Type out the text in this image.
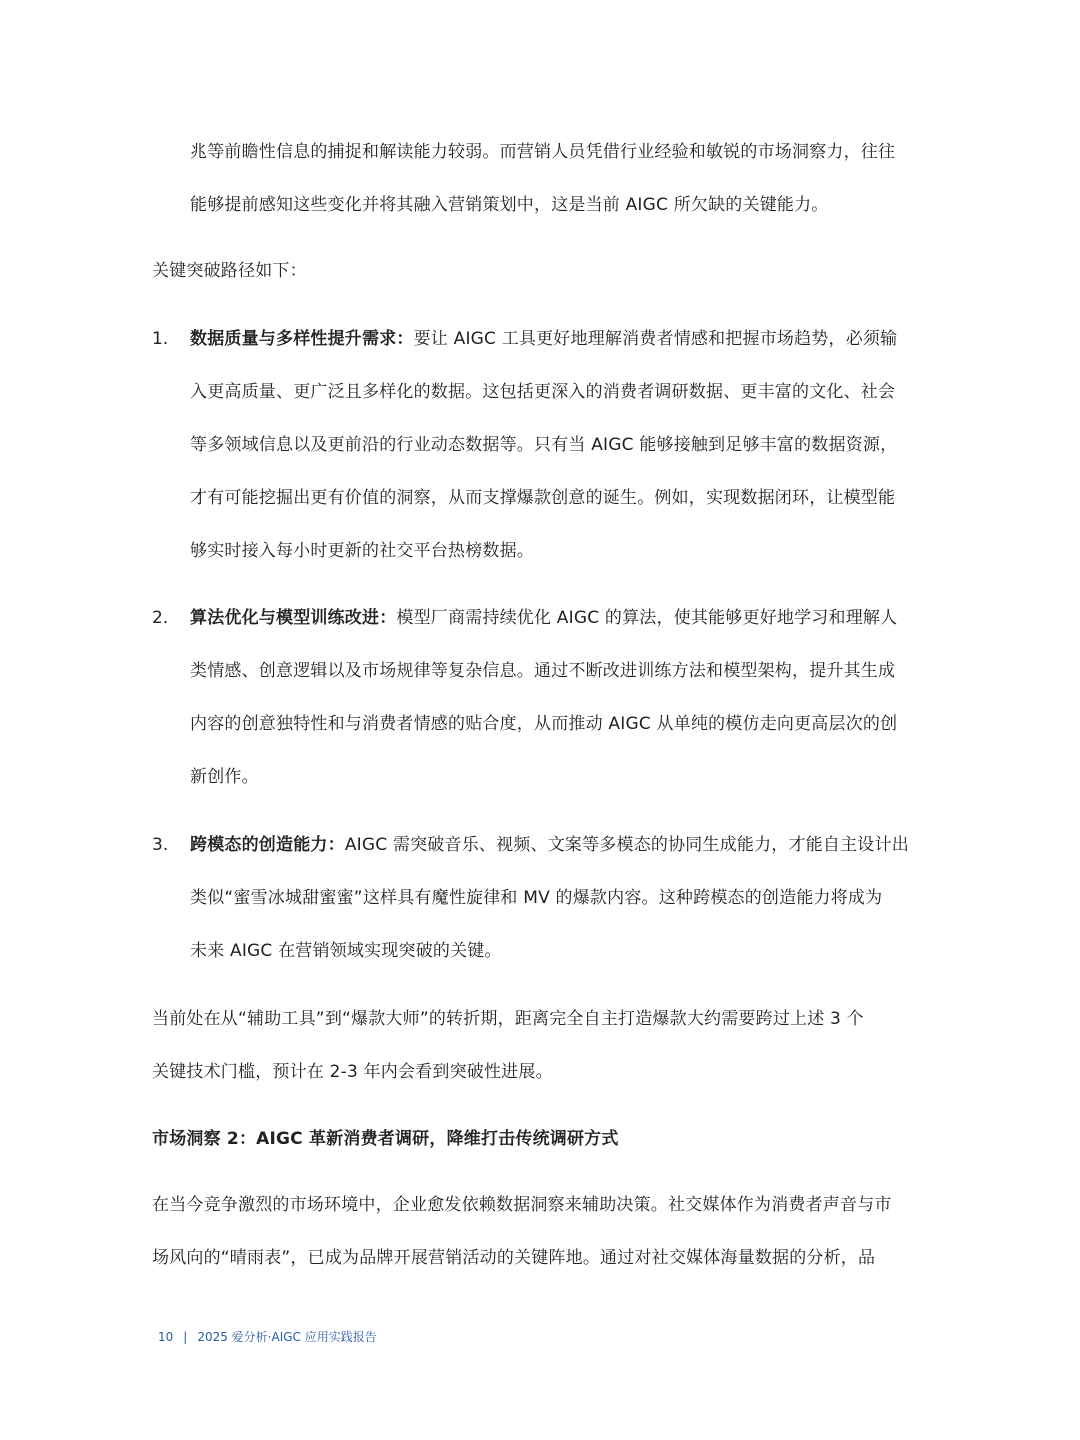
兆等前瞻性信息的捕捉和解读能力较弱。而营销人员凭借行业经验和敏锐的市场洞察力，往往
能够提前感知这些变化并将其融入营销策划中，这是当前 AIGC 所欠缺的关键能力。
关键突破路径如下：
1. 数据质量与多样性提升需求：要让 AIGC 工具更好地理解消费者情感和把握市场趋势，必须输
入更高质量、更广泛且多样化的数据。这包括更深入的消费者调研数据、更丰富的文化、社会
等多领域信息以及更前沿的行业动态数据等。只有当 AIGC 能够接触到足够丰富的数据资源，
才有可能挖掘出更有价值的洞察，从而支撑爆款创意的诞生。例如，实现数据闭环，让模型能
够实时接入每小时更新的社交平台热榜数据。
2. 算法优化与模型训练改进：模型厂商需持续优化 AIGC 的算法，使其能够更好地学习和理解人
类情感、创意逻辑以及市场规律等复杂信息。通过不断改进训练方法和模型架构，提升其生成
内容的创意独特性和与消费者情感的贴合度，从而推动 AIGC 从单纯的模仿走向更高层次的创
新创作。
3. 跨模态的创造能力：AIGC 需突破音乐、视频、文案等多模态的协同生成能力，才能自主设计出
类似“蜜雪冰城甜蜜蜜”这样具有魔性旋律和 MV 的爆款内容。这种跨模态的创造能力将成为
未来 AIGC 在营销领域实现突破的关键。
当前处在从“辅助工具”到“爆款大师”的转折期，距离完全自主打造爆款大约需要跨过上述 3 个
关键技术门槛，预计在 2-3 年内会看到突破性进展。
市场洞察 2：AIGC 革新消费者调研，降维打击传统调研方式
在当今竞争激烈的市场环境中，企业愈发依赖数据洞察来辅助决策。社交媒体作为消费者声音与市
场风向的“晴雨表”，已成为品牌开展营销活动的关键阵地。通过对社交媒体海量数据的分析，品
10 | 2025 爱分析·AIGC 应用实践报告
